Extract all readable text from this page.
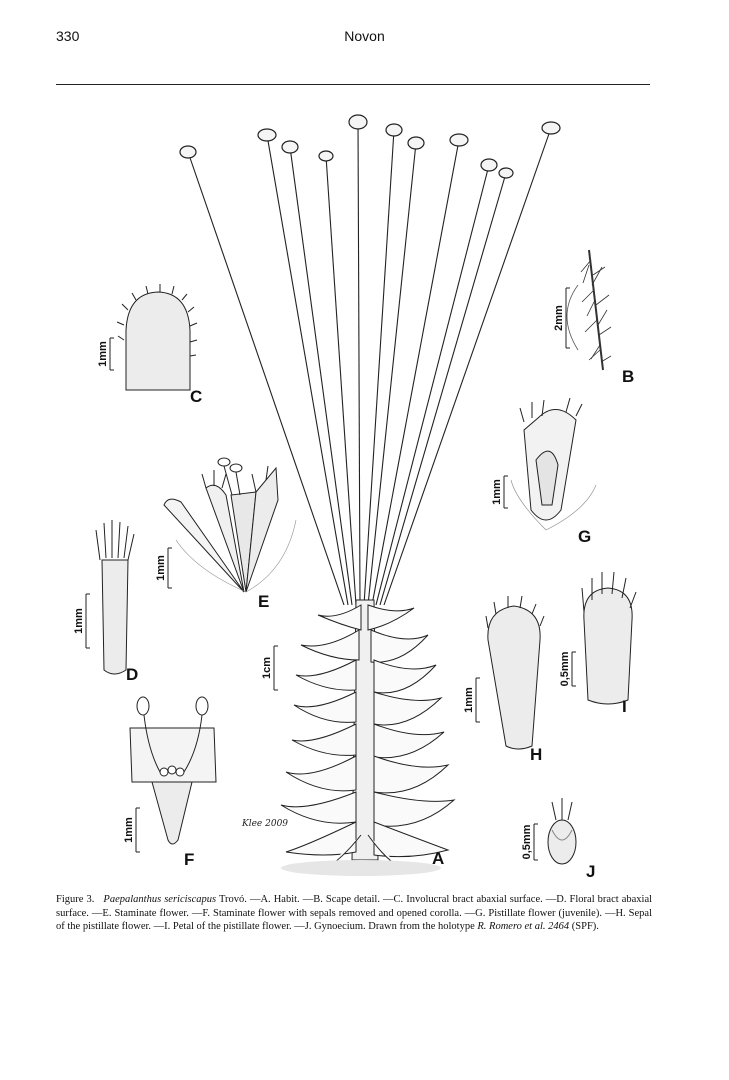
330	Novon
A
1cm
B
2mm
C
1mm
D
1mm
E
1mm
F
1mm
G
1mm
H
1mm	I
0,5mm
J
0,5mm
Klee 2009
Figure 3. Paepalanthus sericiscapus Trovó. —A. Habit. —B. Scape detail. —C. Involucral bract abaxial surface. —D. Floral bract abaxial surface. —E. Staminate flower. —F. Staminate flower with sepals removed and opened corolla. —G. Pistillate flower (juvenile). —H. Sepal of the pistillate flower. —I. Petal of the pistillate flower. —J. Gynoecium. Drawn from the holotype R. Romero et al. 2464 (SPF).
